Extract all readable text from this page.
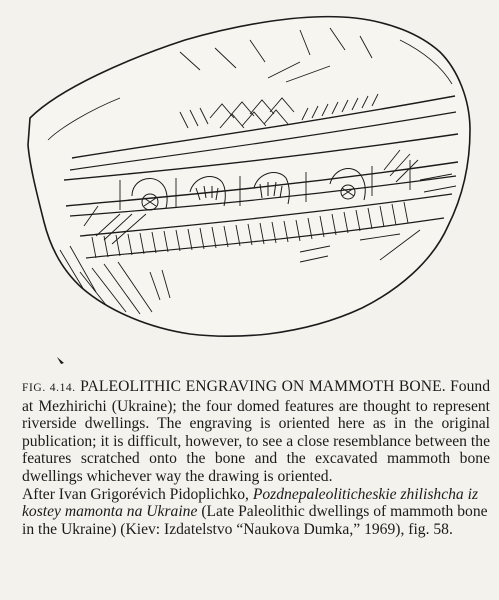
FIG. 4.14. PALEOLITHIC ENGRAVING ON MAMMOTH BONE. Found at Mezhirichi (Ukraine); the four domed features are thought to represent riverside dwellings. The engraving is oriented here as in the original publication; it is difficult, however, to see a close resemblance between the features scratched onto the bone and the excavated mammoth bone dwellings whichever way the drawing is oriented.

After Ivan Grigorévich Pidoplichko, Pozdnepaleoliticheskie zhilishcha iz kostey mamonta na Ukraine (Late Paleolithic dwellings of mammoth bone in the Ukraine) (Kiev: Izdatelstvo “Naukova Dumka,” 1969), fig. 58.
